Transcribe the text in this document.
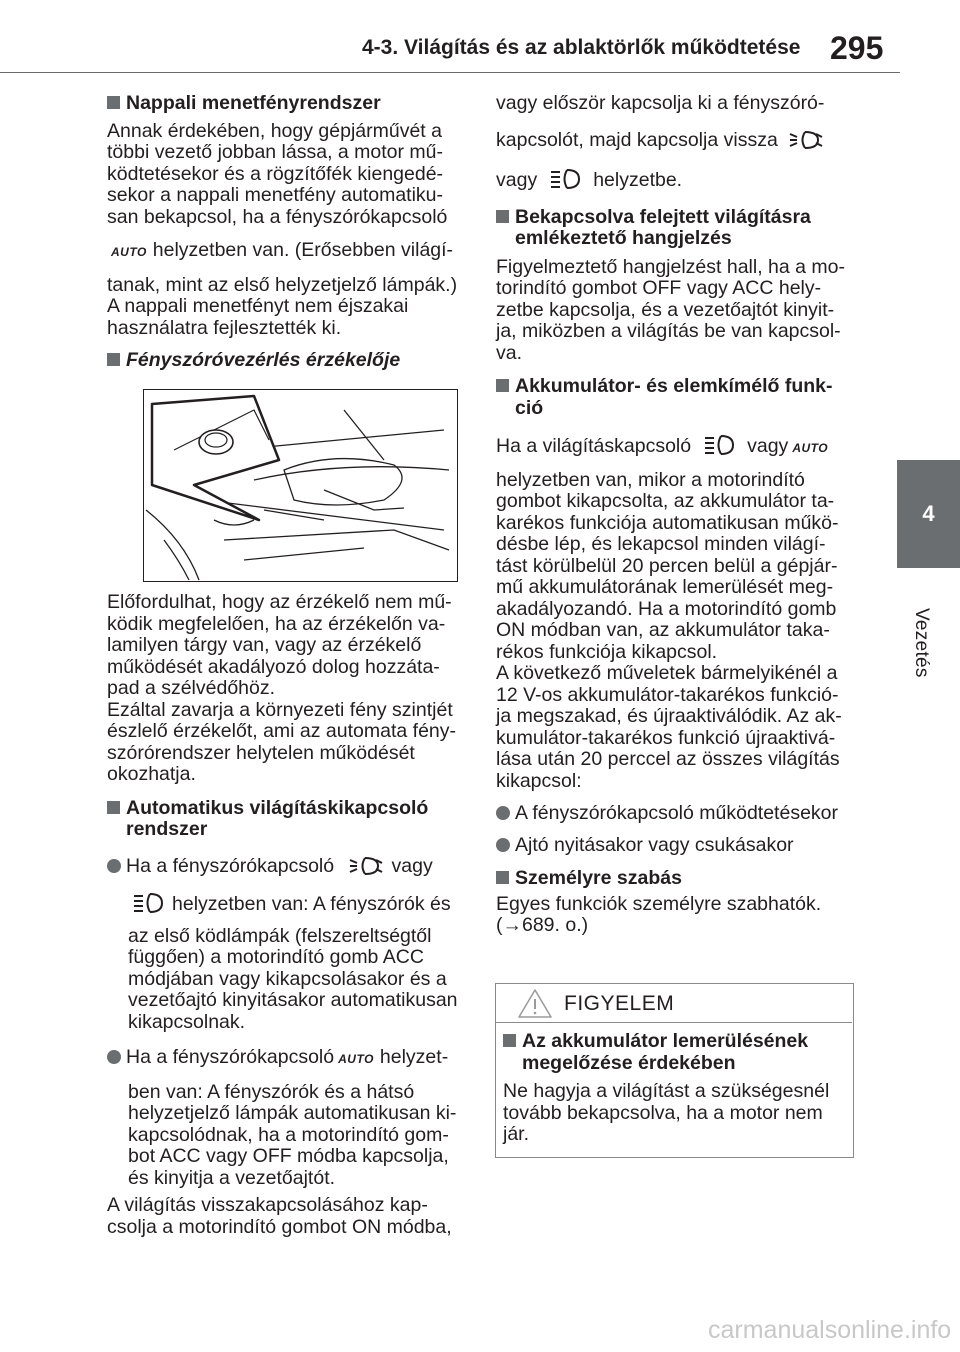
4-3. Világítás és az ablaktörlők működtetése 295
4
Vezetés
Nappali menetfényrendszer
Annak érdekében, hogy gépjárművét a
többi vezető jobban lássa, a motor mű-
ködtetésekor és a rögzítőfék kiengedé-
sekor a nappali menetfény automatiku-
san bekapcsol, ha a fényszórókapcsoló
AUTO helyzetben van. (Erősebben világí-
tanak, mint az első helyzetjelző lámpák.)
A nappali menetfényt nem éjszakai
használatra fejlesztették ki.
Fényszóróvezérlés érzékelője
Előfordulhat, hogy az érzékelő nem mű-
ködik megfelelően, ha az érzékelőn va-
lamilyen tárgy van, vagy az érzékelő
működését akadályozó dolog hozzáta-
pad a szélvédőhöz.
Ezáltal zavarja a környezeti fény szintjét
észlelő érzékelőt, ami az automata fény-
szórórendszer helytelen működését
okozhatja.
Automatikus világításkikapcsoló
rendszer
Ha a fényszórókapcsoló	vagy
helyzetben van: A fényszórók és
az első ködlámpák (felszereltségtől
függően) a motorindító gomb ACC
módjában vagy kikapcsolásakor és a
vezetőajtó kinyitásakor automatikusan
kikapcsolnak.
Ha a fényszórókapcsoló AUTO helyzet-
ben van: A fényszórók és a hátsó
helyzetjelző lámpák automatikusan ki-
kapcsolódnak, ha a motorindító gom-
bot ACC vagy OFF módba kapcsolja,
és kinyitja a vezetőajtót.
A világítás visszakapcsolásához kap-
csolja a motorindító gombot ON módba,
vagy először kapcsolja ki a fényszóró-
kapcsolót, majd kapcsolja vissza
vagy	helyzetbe.
Bekapcsolva felejtett világításra
emlékeztető hangjelzés
Figyelmeztető hangjelzést hall, ha a mo-
torindító gombot OFF vagy ACC hely-
zetbe kapcsolja, és a vezetőajtót kinyit-
ja, miközben a világítás be van kapcsol-
va.
Akkumulátor- és elemkímélő funk-
ció
Ha a világításkapcsoló	vagy AUTO
helyzetben van, mikor a motorindító
gombot kikapcsolta, az akkumulátor ta-
karékos funkciója automatikusan műkö-
désbe lép, és lekapcsol minden világí-
tást körülbelül 20 percen belül a gépjár-
mű akkumulátorának lemerülését meg-
akadályozandó. Ha a motorindító gomb
ON módban van, az akkumulátor taka-
rékos funkciója kikapcsol.
A következő műveletek bármelyikénél a
12 V-os akkumulátor-takarékos funkció-
ja megszakad, és újraaktiválódik. Az ak-
kumulátor-takarékos funkció újraaktivá-
lása után 20 perccel az összes világítás
kikapcsol:
A fényszórókapcsoló működtetésekor
Ajtó nyitásakor vagy csukásakor
Személyre szabás
Egyes funkciók személyre szabhatók.
(→689. o.)
FIGYELEM
Az akkumulátor lemerülésének
megelőzése érdekében
Ne hagyja a világítást a szükségesnél
tovább bekapcsolva, ha a motor nem
jár.
carmanualsonline.info
